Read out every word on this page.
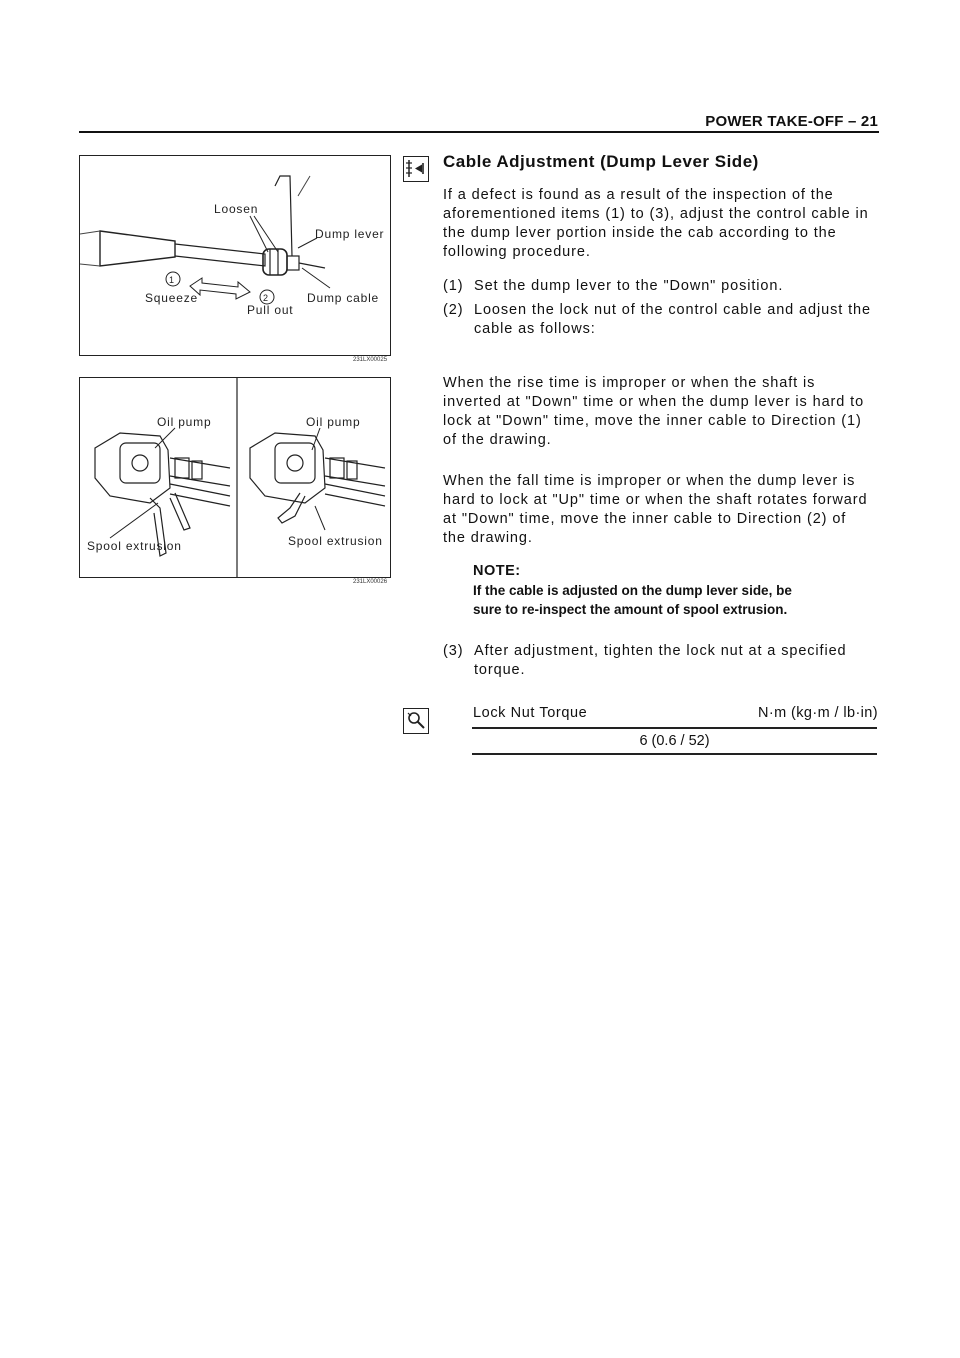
POWER TAKE-OFF – 21
Loosen
Dump lever
1
Squeeze	2
Pull out
Dump cable
231LX00025
Oil pump	Oil pump
Spool extrusion	Spool extrusion
231LX00026
Cable Adjustment (Dump Lever Side)
If a defect is found as a result of the inspection of the
aforementioned items (1) to (3), adjust the control cable in
the dump lever portion inside the cab according to the
following procedure.
(1) Set the dump lever to the "Down" position.
(2) Loosen the lock nut of the control cable and adjust the
cable as follows:
When the rise time is improper or when the shaft is
inverted at "Down" time or when the dump lever is hard to
lock at "Down" time, move the inner cable to Direction (1)
of the drawing.
When the fall time is improper or when the dump lever is
hard to lock at "Up" time or when the shaft rotates forward
at "Down" time, move the inner cable to Direction (2) of
the drawing.
NOTE:
If the cable is adjusted on the dump lever side, be
sure to re-inspect the amount of spool extrusion.
(3) After adjustment, tighten the lock nut at a specified
torque.
Lock Nut Torque	N·m (kg·m / lb·in)
6 (0.6 / 52)
